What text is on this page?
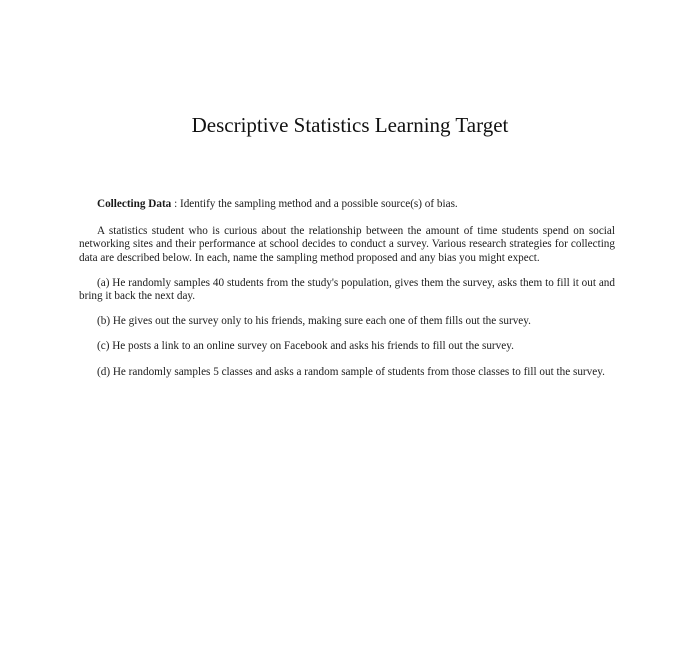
Descriptive Statistics Learning Target

Collecting Data : Identify the sampling method and a possible source(s) of bias.

A statistics student who is curious about the relationship between the amount of time students spend on social networking sites and their performance at school decides to conduct a survey. Various research strategies for collecting data are described below. In each, name the sampling method proposed and any bias you might expect.

(a) He randomly samples 40 students from the study's population, gives them the survey, asks them to fill it out and bring it back the next day.

(b) He gives out the survey only to his friends, making sure each one of them fills out the survey.

(c) He posts a link to an online survey on Facebook and asks his friends to fill out the survey.

(d) He randomly samples 5 classes and asks a random sample of students from those classes to fill out the survey.
